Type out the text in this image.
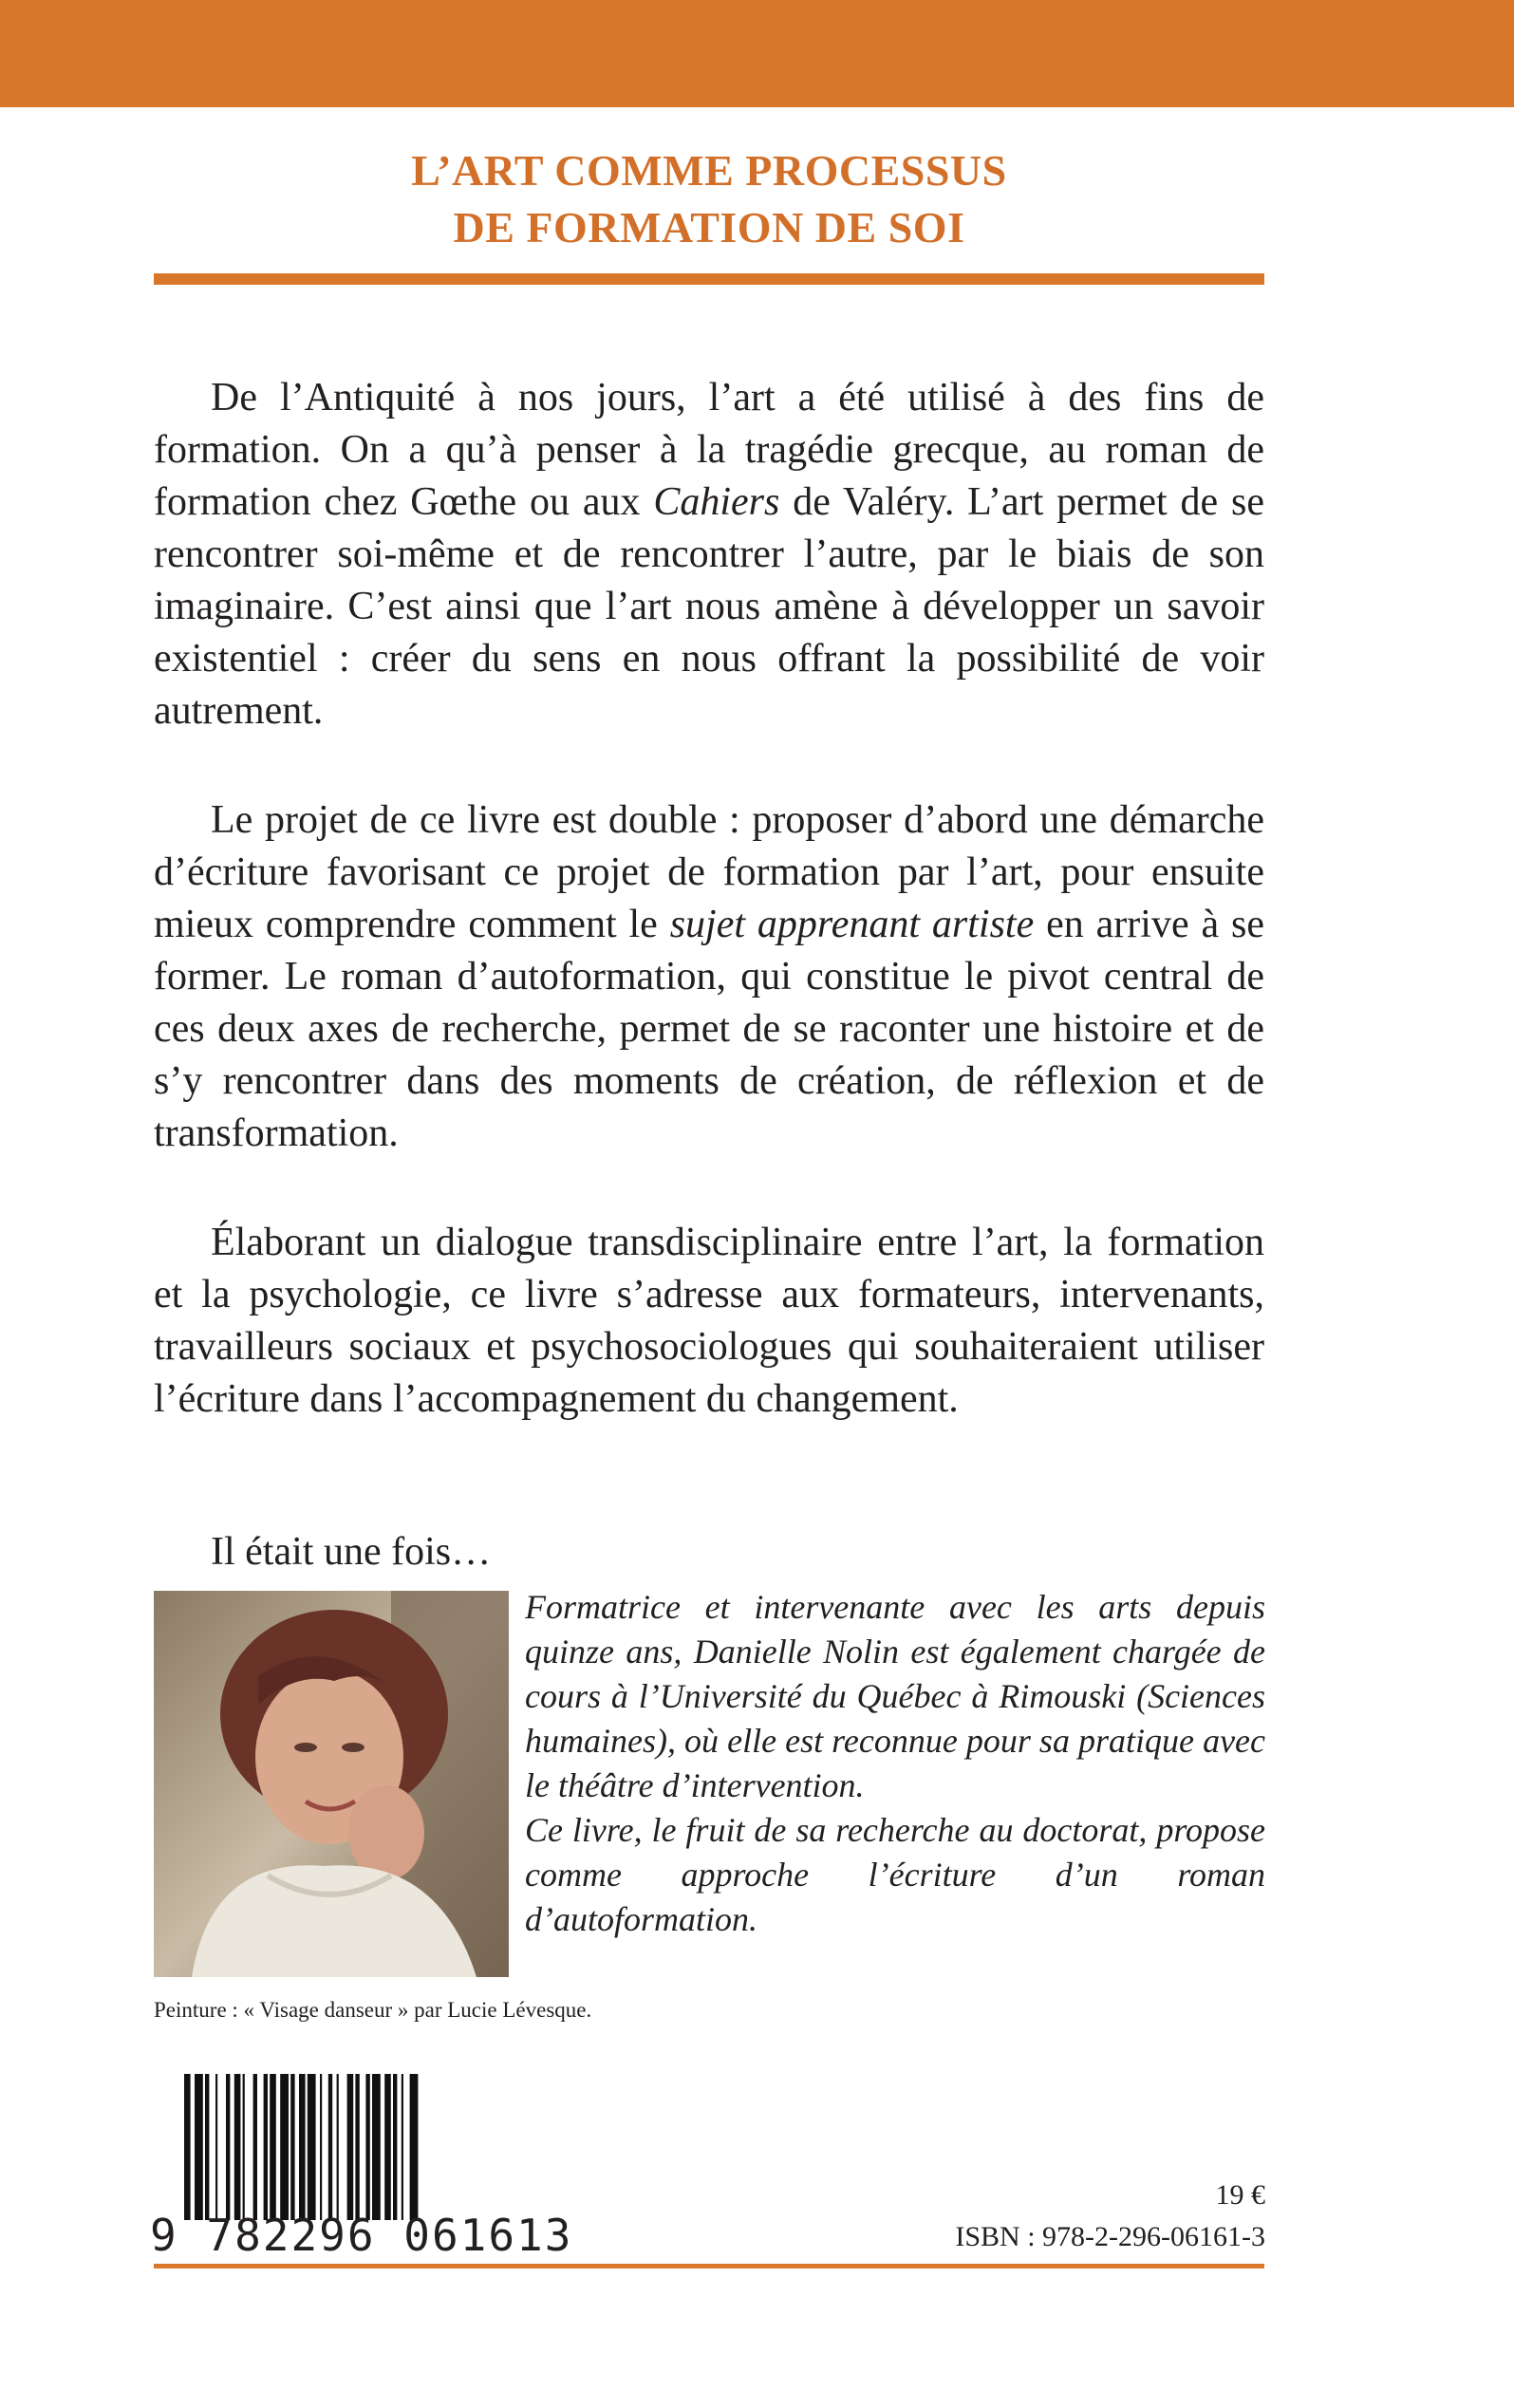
L’ART COMME PROCESSUS
DE FORMATION DE SOI

De l’Antiquité à nos jours, l’art a été utilisé à des fins de formation. On a qu’à penser à la tragédie grecque, au roman de formation chez Gœthe ou aux Cahiers de Valéry. L’art permet de se rencontrer soi-même et de rencontrer l’autre, par le biais de son imaginaire. C’est ainsi que l’art nous amène à développer un savoir existentiel : créer du sens en nous offrant la possibilité de voir autrement.

Le projet de ce livre est double : proposer d’abord une démarche d’écriture favorisant ce projet de formation par l’art, pour ensuite mieux comprendre comment le sujet apprenant artiste en arrive à se former. Le roman d’autoformation, qui constitue le pivot central de ces deux axes de recherche, permet de se raconter une histoire et de s’y rencontrer dans des moments de création, de réflexion et de transformation.

Élaborant un dialogue transdisciplinaire entre l’art, la formation et la psychologie, ce livre s’adresse aux formateurs, intervenants, travailleurs sociaux et psychosociologues qui souhaiteraient utiliser l’écriture dans l’accompagnement du changement.

Il était une fois…

Formatrice et intervenante avec les arts depuis quinze ans, Danielle Nolin est également chargée de cours à l’Université du Québec à Rimouski (Sciences humaines), où elle est reconnue pour sa pratique avec le théâtre d’intervention.

Ce livre, le fruit de sa recherche au doctorat, propose comme approche l’écriture d’un roman d’autoformation.

Peinture : « Visage danseur » par Lucie Lévesque.
9 782296 061613
19 €
ISBN : 978-2-296-06161-3
